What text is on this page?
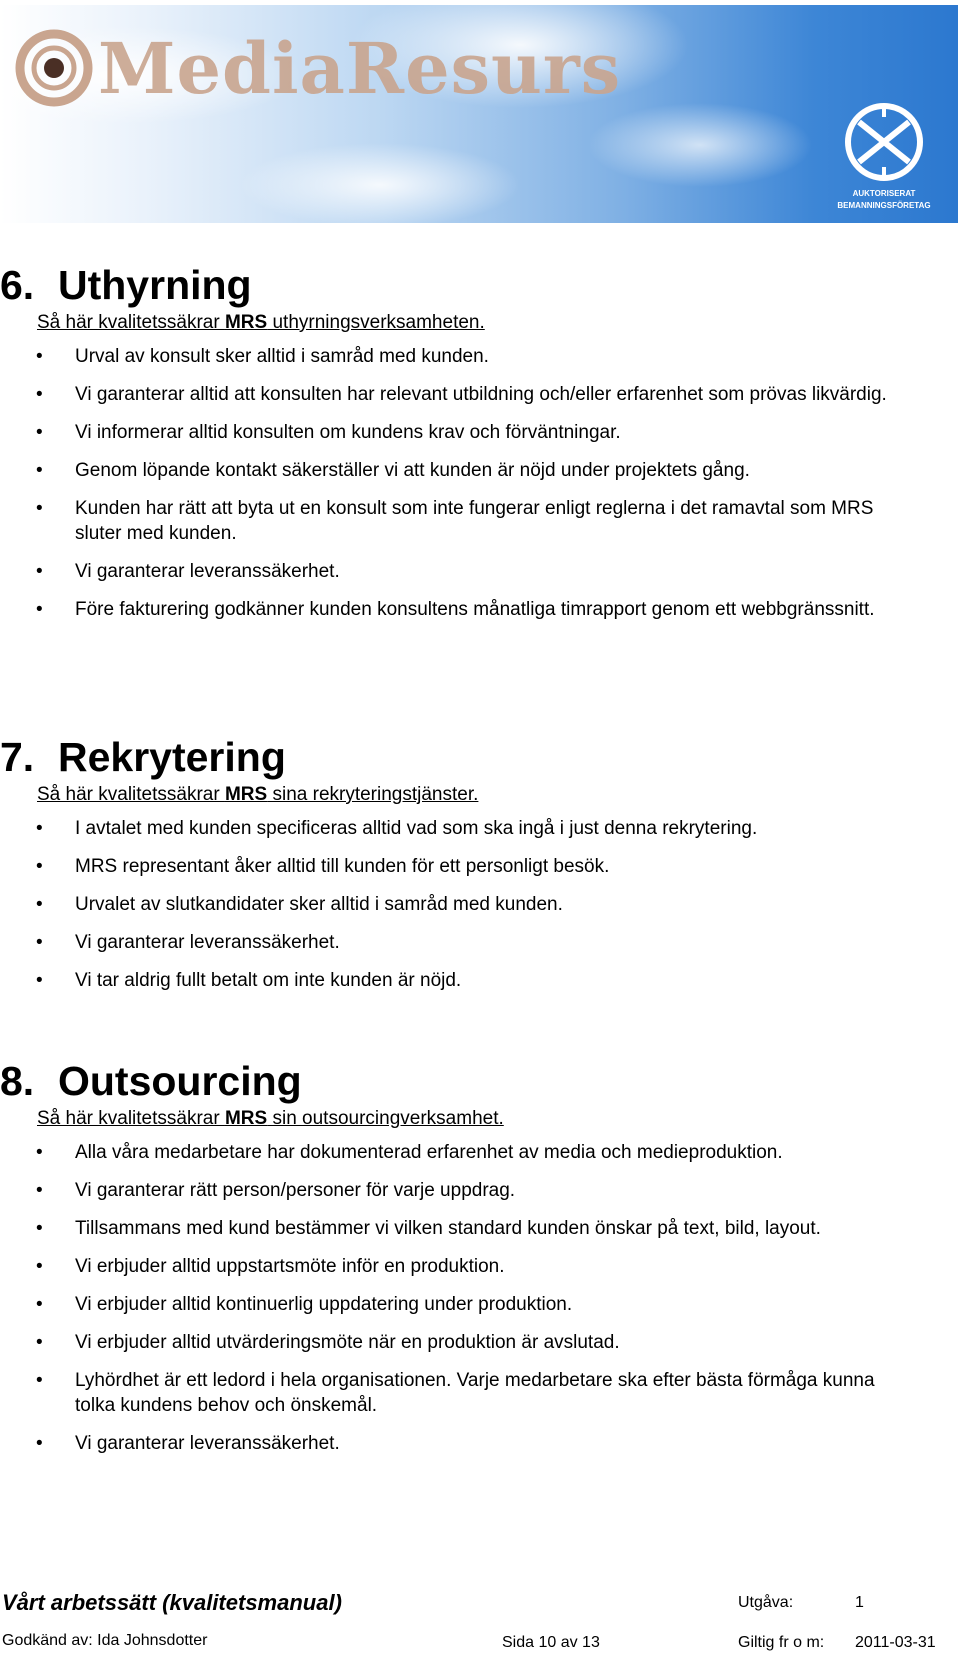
MediaResurs
AUKTORISERAT
BEMANNINGSFÖRETAG
6. Uthyrning

Så här kvalitetssäkrar MRS uthyrningsverksamheten.

• Urval av konsult sker alltid i samråd med kunden.
• Vi garanterar alltid att konsulten har relevant utbildning och/eller erfarenhet som prövas likvärdig.
• Vi informerar alltid konsulten om kundens krav och förväntningar.
• Genom löpande kontakt säkerställer vi att kunden är nöjd under projektets gång.
• Kunden har rätt att byta ut en konsult som inte fungerar enligt reglerna i det ramavtal som MRS sluter med kunden.
• Vi garanterar leveranssäkerhet.
• Före fakturering godkänner kunden konsultens månatliga timrapport genom ett webbgränssnitt.
7. Rekrytering

Så här kvalitetssäkrar MRS sina rekryteringstjänster.

• I avtalet med kunden specificeras alltid vad som ska ingå i just denna rekrytering.
• MRS representant åker alltid till kunden för ett personligt besök.
• Urvalet av slutkandidater sker alltid i samråd med kunden.
• Vi garanterar leveranssäkerhet.
• Vi tar aldrig fullt betalt om inte kunden är nöjd.
8. Outsourcing

Så här kvalitetssäkrar MRS sin outsourcingverksamhet.

• Alla våra medarbetare har dokumenterad erfarenhet av media och medieproduktion.
• Vi garanterar rätt person/personer för varje uppdrag.
• Tillsammans med kund bestämmer vi vilken standard kunden önskar på text, bild, layout.
• Vi erbjuder alltid uppstartsmöte inför en produktion.
• Vi erbjuder alltid kontinuerlig uppdatering under produktion.
• Vi erbjuder alltid utvärderingsmöte när en produktion är avslutad.
• Lyhördhet är ett ledord i hela organisationen. Varje medarbetare ska efter bästa förmåga kunna tolka kundens behov och önskemål.
• Vi garanterar leveranssäkerhet.
Vårt arbetssätt (kvalitetsmanual)	Utgåva:	1
Godkänd av: Ida Johnsdotter	Sida 10 av 13	Giltig fr o m: 2011-03-31
